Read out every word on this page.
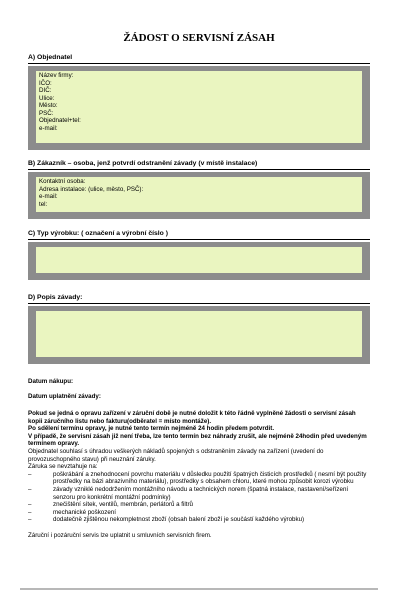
ŽÁDOST O SERVISNÍ ZÁSAH
A) Objednatel
Název firmy:
IČO:
DIČ:
Ulice:
Město:
PSČ:
Objednatel+tel:
e-mail:
B) Zákazník – osoba, jenž potvrdí odstranění závady (v místě instalace)
Kontaktní osoba:
Adresa instalace: (ulice, město, PSČ):
e-mail:
tel:
C) Typ výrobku: ( označení a výrobní číslo )
D) Popis závady:
Datum nákupu:
Datum uplatnění závady:
Pokud se jedná o opravu zařízení v záruční době je nutné doložit k této řádně vyplněné žádosti o servisní zásah kopii záručního listu nebo fakturu(odběratel = místo montáže).
Po sdělení termínu opravy, je nutné tento termín nejméně 24 hodin předem potvrdit.
V případě, že servisní zásah již není třeba, lze tento termín bez náhrady zrušit, ale nejméně 24hodin před uvedeným termínem opravy.
Objednatel souhlasí s úhradou veškerých nákladů spojených s odstraněním závady na zařízení (uvedení do provozuschopného stavu) při neuznání záruky.
Záruka se nevztahuje na:
–	poškrábání a znehodnocení povrchu materiálu v důsledku použití špatných čisticích prostředků ( nesmí být použity prostředky na bázi abrazivního materiálu), prostředky s obsahem chloru, které mohou způsobit korozi výrobku
–	závady vzniklé nedodržením montážního návodu a technických norem (špatná instalace, nastavení/seřízení senzoru pro konkrétní montážní podmínky)
–	znečištění sítek, ventilů, membrán, perlátorů a filtrů
–	mechanické poškození
–	dodatečně zjištěnou nekompletnost zboží (obsah balení zboží je součástí každého výrobku)
Záruční i pozáruční servis lze uplatnit u smluvních servisních firem.
